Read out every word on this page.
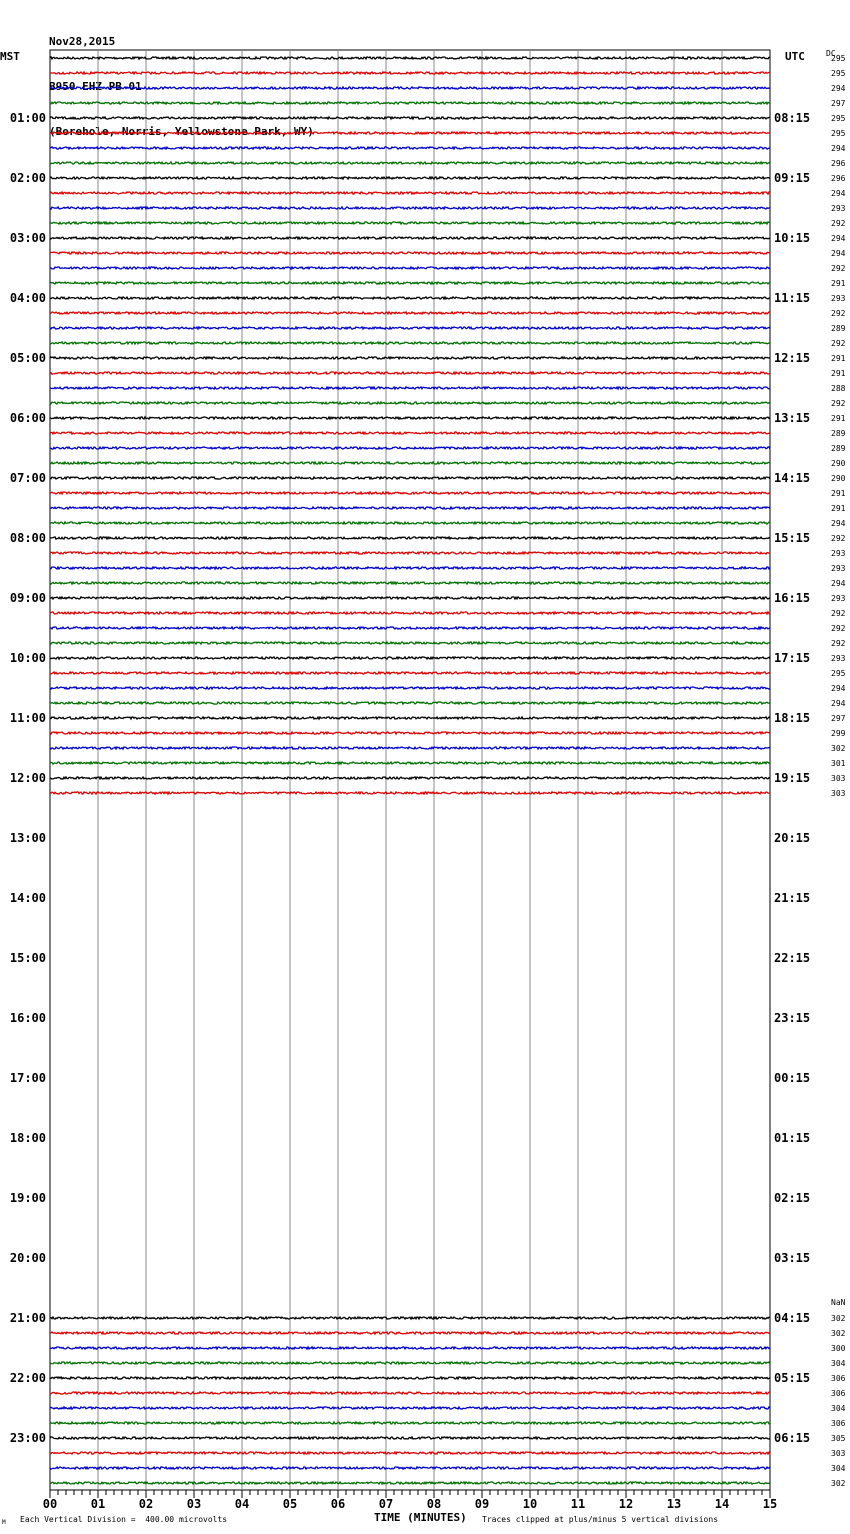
Nov28,2015

B950 EHZ PB 01

(Borehole, Norris, Yellowstone Park, WY)

MST	UTC	DC
NaN
295
295
294
297
295
295
294
296
296
294
293
292
294
294
292
291
293
292
289
292
291
291
288
292
291
289
289
290
290
291
291
294
292
293
293
294
293
292
292
292
293
295
294
294
297
299
302
301
303
303
302
302
300
304
306
306
304
306
305
303
304
302
01:00	08:15
02:00	09:15
03:00	10:15
04:00	11:15
05:00	12:15
06:00	13:15
07:00	14:15
08:00	15:15
09:00	16:15
10:00	17:15
11:00	18:15
12:00	19:15
13:00	20:15
14:00	21:15
15:00	22:15
16:00	23:15
17:00	00:15
18:00	01:15
19:00	02:15
20:00	03:15
21:00	04:15
22:00	05:15
23:00	06:15
00	01	02	03	04	05	06	07	08	09	10	11	12	13	14	15
M Each Vertical Division =  400.00 microvolts	TIME (MINUTES) Traces clipped at plus/minus 5 vertical divisions
